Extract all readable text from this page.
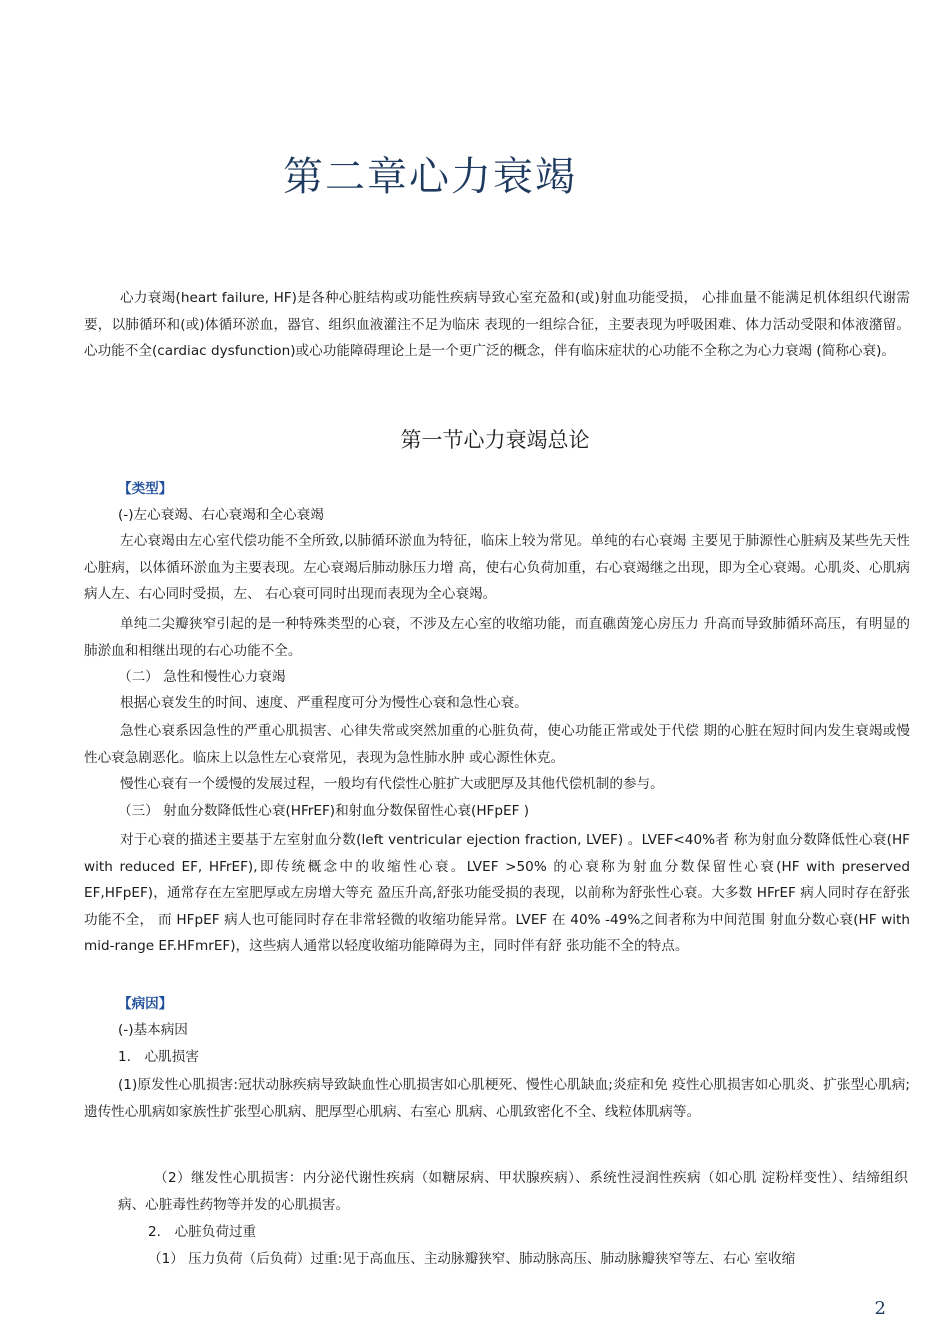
第二章心力衰竭
心力衰竭(heart failure, HF)是各种心脏结构或功能性疾病导致心室充盈和(或)射血功能受损， 心排血量不能满足机体组织代谢需要，以肺循环和(或)体循环淤血，器官、组织血液灌注不足为临床 表现的一组综合征，主要表现为呼吸困难、体力活动受限和体液潴留。心功能不全(cardiac dysfunction)或心功能障碍理论上是一个更广泛的概念，伴有临床症状的心功能不全称之为心力衰竭 (简称心衰)。
第一节心力衰竭总论
【类型】
(-)左心衰竭、右心衰竭和全心衰竭
左心衰竭由左心室代偿功能不全所致,以肺循环淤血为特征，临床上较为常见。单纯的右心衰竭 主要见于肺源性心脏病及某些先天性心脏病，以体循环淤血为主要表现。左心衰竭后肺动脉压力增 高，使右心负荷加重，右心衰竭继之出现，即为全心衰竭。心肌炎、心肌病病人左、右心同时受损，左、 右心衰可同时出现而表现为全心衰竭。
单纯二尖瓣狭窄引起的是一种特殊类型的心衰，不涉及左心室的收缩功能，而直礁茵笼心房压力 升高而导致肺循环高压，有明显的肺淤血和相继出现的右心功能不全。
（二） 急性和慢性心力衰竭
根据心衰发生的时间、速度、严重程度可分为慢性心衰和急性心衰。
急性心衰系因急性的严重心肌损害、心律失常或突然加重的心脏负荷，使心功能正常或处于代偿 期的心脏在短时间内发生衰竭或慢性心衰急剧恶化。临床上以急性左心衰常见，表现为急性肺水肿 或心源性休克。
慢性心衰有一个缓慢的发展过程，一般均有代偿性心脏扩大或肥厚及其他代偿机制的参与。
（三） 射血分数降低性心衰(HFrEF)和射血分数保留性心衰(HFpEF )
对于心衰的描述主要基于左室射血分数(left ventricular ejection fraction, LVEF) 。LVEF<40%者 称为射血分数降低性心衰(HF with reduced EF, HFrEF),即传统概念中的收缩性心衰。LVEF >50% 的心衰称为射血分数保留性心衰(HF with preserved EF,HFpEF)，通常存在左室肥厚或左房增大等充 盈压升高,舒张功能受损的表现，以前称为舒张性心衰。大多数 HFrEF 病人同时存在舒张功能不全， 而 HFpEF 病人也可能同时存在非常轻微的收缩功能异常。LVEF 在 40% -49%之间者称为中间范围 射血分数心衰(HF with mid-range EF.HFmrEF)，这些病人通常以轻度收缩功能障碍为主，同时伴有舒 张功能不全的特点。
【病因】
(-)基本病因
1.　心肌损害
(1)原发性心肌损害:冠状动脉疾病导致缺血性心肌损害如心肌梗死、慢性心肌缺血;炎症和免 疫性心肌损害如心肌炎、扩张型心肌病;遗传性心肌病如家族性扩张型心肌病、肥厚型心肌病、右室心 肌病、心肌致密化不全、线粒体肌病等。
（2）继发性心肌损害：内分泌代谢性疾病（如糖尿病、甲状腺疾病）、系统性浸润性疾病（如心肌 淀粉样变性）、结缔组织病、心脏毒性药物等并发的心肌损害。
2.　心脏负荷过重
（1） 压力负荷（后负荷）过重:见于高血压、主动脉瓣狭窄、肺动脉高压、肺动脉瓣狭窄等左、右心 室收缩
2
